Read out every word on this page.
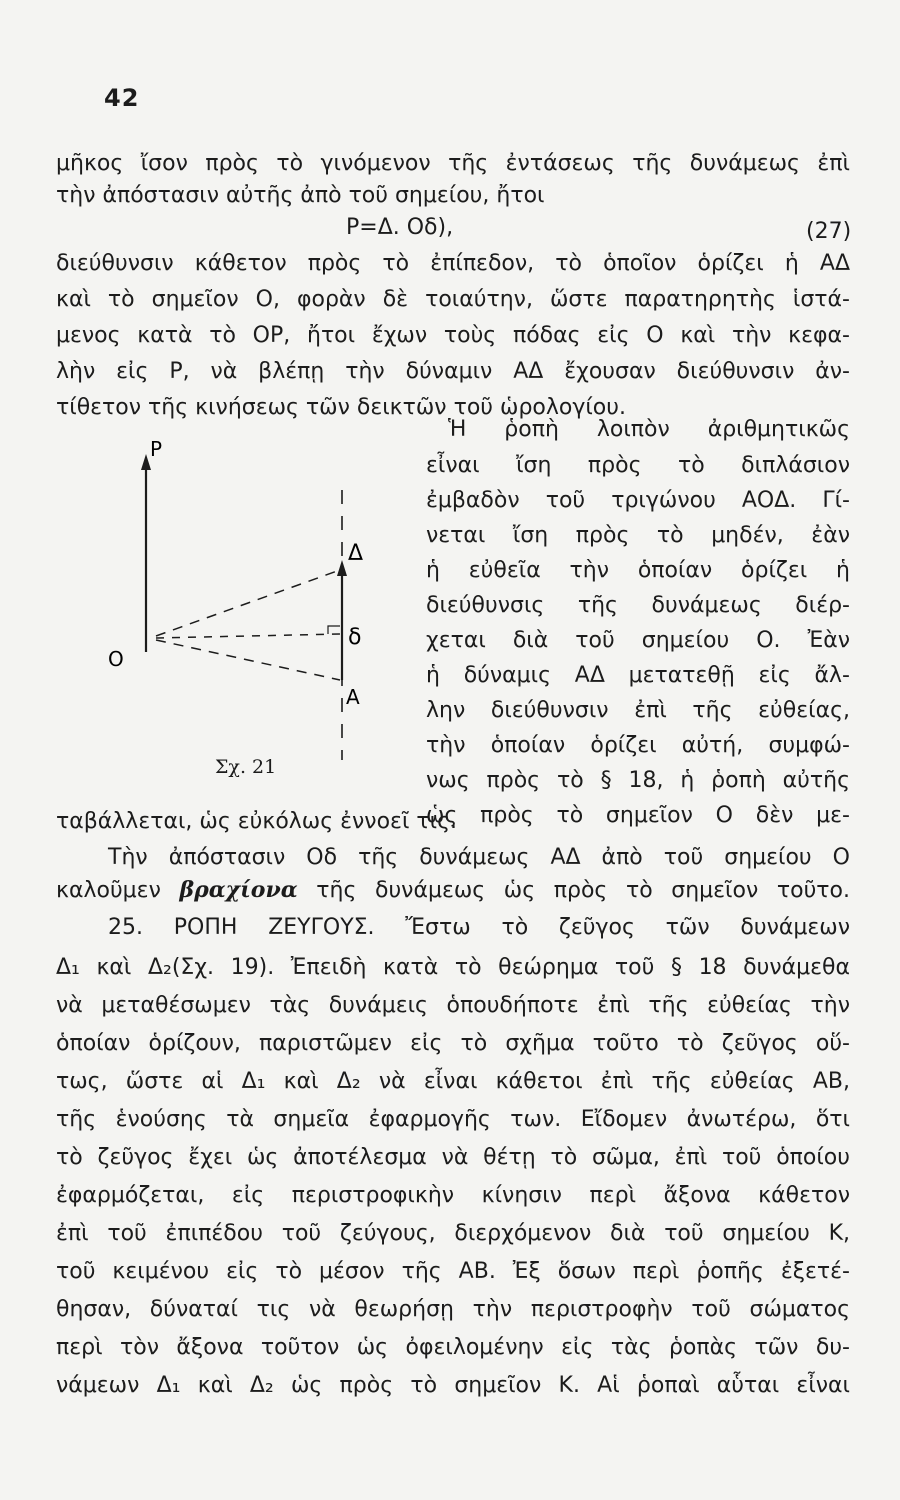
42
μῆκος ἴσον πρὸς τὸ γινόμενον τῆς ἐντάσεως τῆς δυνάμεως ἐπὶ
τὴν ἀπόστασιν αὐτῆς ἀπὸ τοῦ σημείου, ἤτοι
P=Δ. Oδ),	(27)
διεύθυνσιν κάθετον πρὸς τὸ ἐπίπεδον, τὸ ὁποῖον ὁρίζει ἡ ΑΔ
καὶ τὸ σημεῖον Ο, φορὰν δὲ τοιαύτην, ὥστε παρατηρητὴς ἱστά-
μενος κατὰ τὸ ΟΡ, ἤτοι ἔχων τοὺς πόδας εἰς Ο καὶ τὴν κεφα-
λὴν εἰς Ρ, νὰ βλέπῃ τὴν δύναμιν ΑΔ ἔχουσαν διεύθυνσιν ἀν-
τίθετον τῆς κινήσεως τῶν δεικτῶν τοῦ ὡρολογίου.
Ἡ ῥοπὴ λοιπὸν ἀριθμητικῶς
εἶναι ἴση πρὸς τὸ διπλάσιον
ἐμβαδὸν τοῦ τριγώνου ΑΟΔ. Γί-
νεται ἴση πρὸς τὸ μηδέν, ἐὰν
ἡ εὐθεῖα τὴν ὁποίαν ὁρίζει ἡ
διεύθυνσις τῆς δυνάμεως διέρ-
χεται διὰ τοῦ σημείου Ο. Ἐὰν
ἡ δύναμις ΑΔ μετατεθῇ εἰς ἄλ-
λην διεύθυνσιν ἐπὶ τῆς εὐθείας,
τὴν ὁποίαν ὁρίζει αὐτή, συμφώ-
νως πρὸς τὸ § 18, ἡ ῥοπὴ αὐτῆς
ὡς πρὸς τὸ σημεῖον Ο δὲν με-
P
O
Δ
δ
A
Σχ. 21
ταβάλλεται, ὡς εὐκόλως ἐννοεῖ τις.
Τὴν ἀπόστασιν Οδ τῆς δυνάμεως ΑΔ ἀπὸ τοῦ σημείου Ο
καλοῦμεν βραχίονα τῆς δυνάμεως ὡς πρὸς τὸ σημεῖον τοῦτο.
25. ΡΟΠΗ ΖΕΥΓΟΥΣ. Ἔστω τὸ ζεῦγος τῶν δυνάμεων
Δ₁ καὶ Δ₂(Σχ. 19). Ἐπειδὴ κατὰ τὸ θεώρημα τοῦ § 18 δυνάμεθα
νὰ μεταθέσωμεν τὰς δυνάμεις ὁπουδήποτε ἐπὶ τῆς εὐθείας τὴν
ὁποίαν ὁρίζουν, παριστῶμεν εἰς τὸ σχῆμα τοῦτο τὸ ζεῦγος οὕ-
τως, ὥστε αἱ Δ₁ καὶ Δ₂ νὰ εἶναι κάθετοι ἐπὶ τῆς εὐθείας ΑΒ,
τῆς ἑνούσης τὰ σημεῖα ἐφαρμογῆς των. Εἴδομεν ἀνωτέρω, ὅτι
τὸ ζεῦγος ἔχει ὡς ἀποτέλεσμα νὰ θέτῃ τὸ σῶμα, ἐπὶ τοῦ ὁποίου
ἐφαρμόζεται, εἰς περιστροφικὴν κίνησιν περὶ ἄξονα κάθετον
ἐπὶ τοῦ ἐπιπέδου τοῦ ζεύγους, διερχόμενον διὰ τοῦ σημείου Κ,
τοῦ κειμένου εἰς τὸ μέσον τῆς ΑΒ. Ἐξ ὅσων περὶ ῥοπῆς ἐξετέ-
θησαν, δύναταί τις νὰ θεωρήσῃ τὴν περιστροφὴν τοῦ σώματος
περὶ τὸν ἄξονα τοῦτον ὡς ὀφειλομένην εἰς τὰς ῥοπὰς τῶν δυ-
νάμεων Δ₁ καὶ Δ₂ ὡς πρὸς τὸ σημεῖον Κ. Αἱ ῥοπαὶ αὗται εἶναι
